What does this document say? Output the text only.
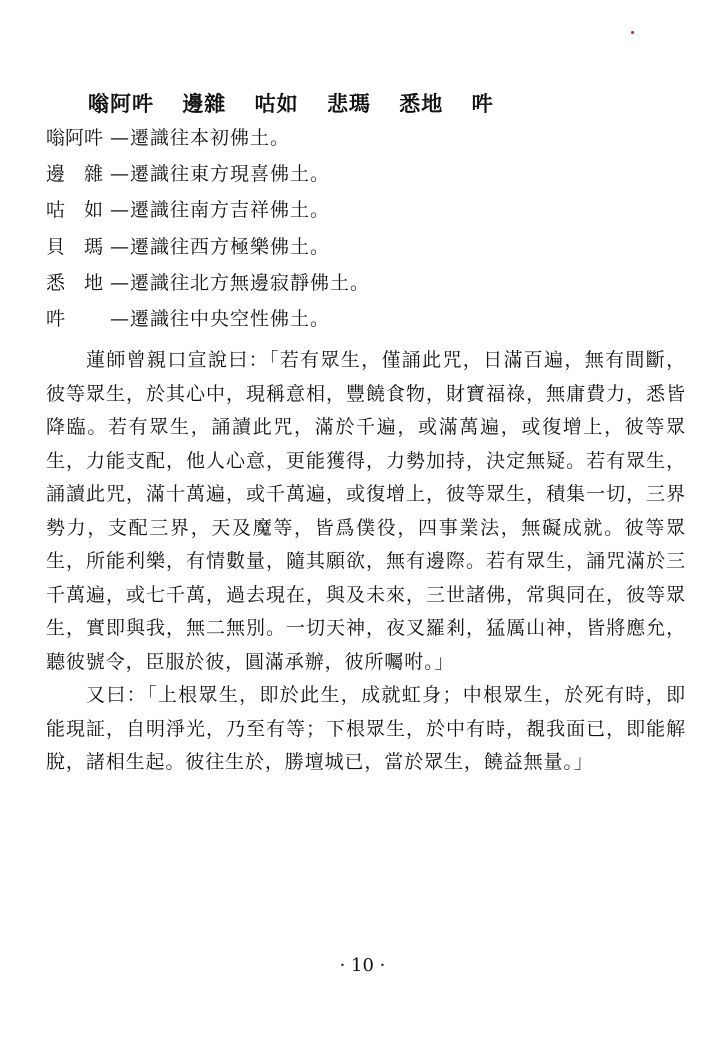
嗡阿吽 邊雜 咕如 悲瑪 悉地 吽
嗡阿吽 —遷識往本初佛土。
邊　雜 —遷識往東方現喜佛土。
咕　如 —遷識往南方吉祥佛土。
貝　瑪 —遷識往西方極樂佛土。
悉　地 —遷識往北方無邊寂靜佛土。
吽 —遷識往中央空性佛土。

蓮師曾親口宣說曰：「若有眾生，僅誦此咒，日滿百遍，無有間斷，彼等眾生，於其心中，現稱意相，豐饒食物，財寶福祿，無庸費力，悉皆降臨。若有眾生，誦讀此咒，滿於千遍，或滿萬遍，或復增上，彼等眾生，力能支配，他人心意，更能獲得，力勢加持，決定無疑。若有眾生，誦讀此咒，滿十萬遍，或千萬遍，或復增上，彼等眾生，積集一切，三界勢力，支配三界，天及魔等，皆爲僕役，四事業法，無礙成就。彼等眾生，所能利樂，有情數量，隨其願欲，無有邊際。若有眾生，誦咒滿於三千萬遍，或七千萬，過去現在，與及未來，三世諸佛，常與同在，彼等眾生，實即與我，無二無別。一切天神，夜叉羅剎，猛厲山神，皆將應允，聽彼號令，臣服於彼，圓滿承辦，彼所囑咐。」

又曰：「上根眾生，即於此生，成就虹身；中根眾生，於死有時，即能現証，自明淨光，乃至有等；下根眾生，於中有時，覩我面已，即能解脫，諸相生起。彼往生於，勝壇城已，當於眾生，饒益無量。」

· 10 ·
